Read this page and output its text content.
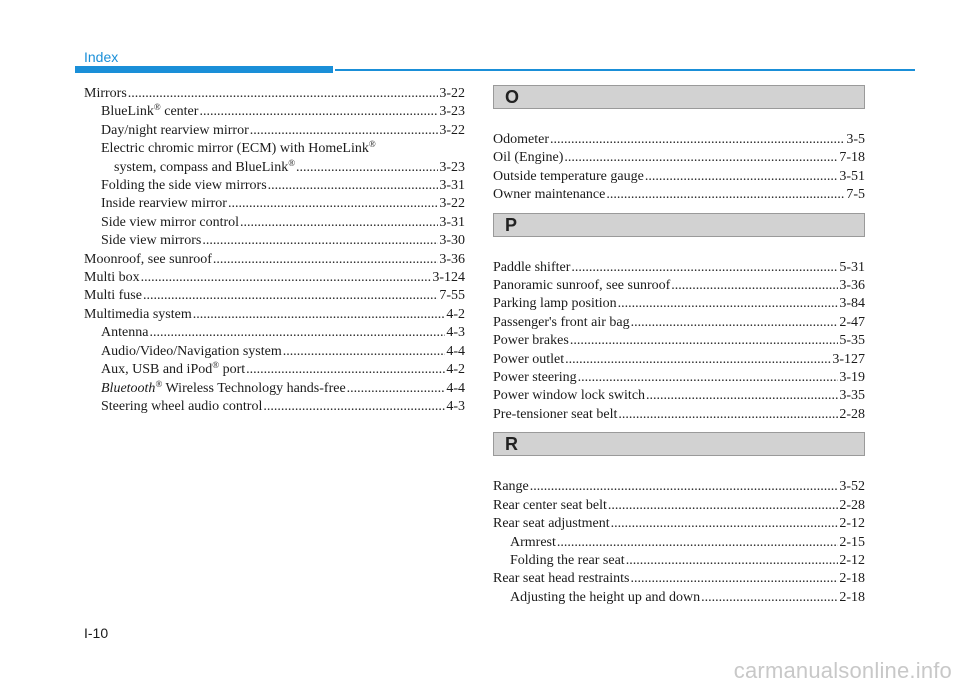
Index
Mirrors .....	3-22
BlueLink® center .....	3-23
Day/night rearview mirror .....	3-22
Electric chromic mirror (ECM) with HomeLink®
system, compass and BlueLink® .....	3-23
Folding the side view mirrors .....	3-31
Inside rearview mirror .....	3-22
Side view mirror control .....	3-31
Side view mirrors .....	3-30
Moonroof, see sunroof .....	3-36
Multi box .....	3-124
Multi fuse .....	7-55
Multimedia system .....	4-2
Antenna .....	4-3
Audio/Video/Navigation system .....	4-4
Aux, USB and iPod® port .....	4-2
Bluetooth® Wireless Technology hands-free .....	4-4
Steering wheel audio control .....	4-3
O
Odometer .....	3-5
Oil (Engine) .....	7-18
Outside temperature gauge .....	3-51
Owner maintenance .....	7-5
P
Paddle shifter .....	5-31
Panoramic sunroof, see sunroof .....	3-36
Parking lamp position .....	3-84
Passenger's front air bag .....	2-47
Power brakes .....	5-35
Power outlet .....	3-127
Power steering .....	3-19
Power window lock switch .....	3-35
Pre-tensioner seat belt .....	2-28
R
Range .....	3-52
Rear center seat belt .....	2-28
Rear seat adjustment .....	2-12
Armrest .....	2-15
Folding the rear seat .....	2-12
Rear seat head restraints .....	2-18
Adjusting the height up and down .....	2-18
I-10
carmanualsonline.info
